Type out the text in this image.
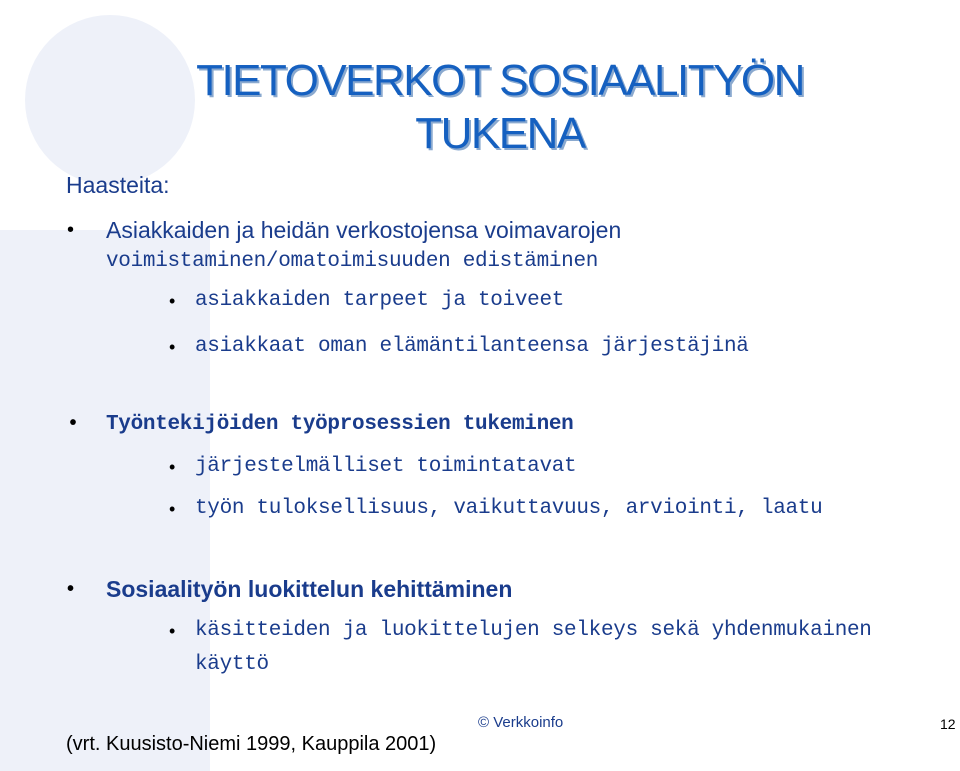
TIETOVERKOT SOSIAALITYÖN
TUKENA
Haasteita:
• Asiakkaiden ja heidän verkostojensa voimavarojen
voimistaminen/omatoimisuuden edistäminen
• asiakkaiden tarpeet ja toiveet
• asiakkaat oman elämäntilanteensa järjestäjinä
• Työntekijöiden työprosessien tukeminen
• järjestelmälliset toimintatavat
• työn tuloksellisuus, vaikuttavuus, arviointi, laatu
• Sosiaalityön luokittelun kehittäminen
• käsitteiden ja luokittelujen selkeys sekä yhdenmukainen
käyttö
© Verkkoinfo	12
(vrt. Kuusisto-Niemi 1999, Kauppila 2001)
